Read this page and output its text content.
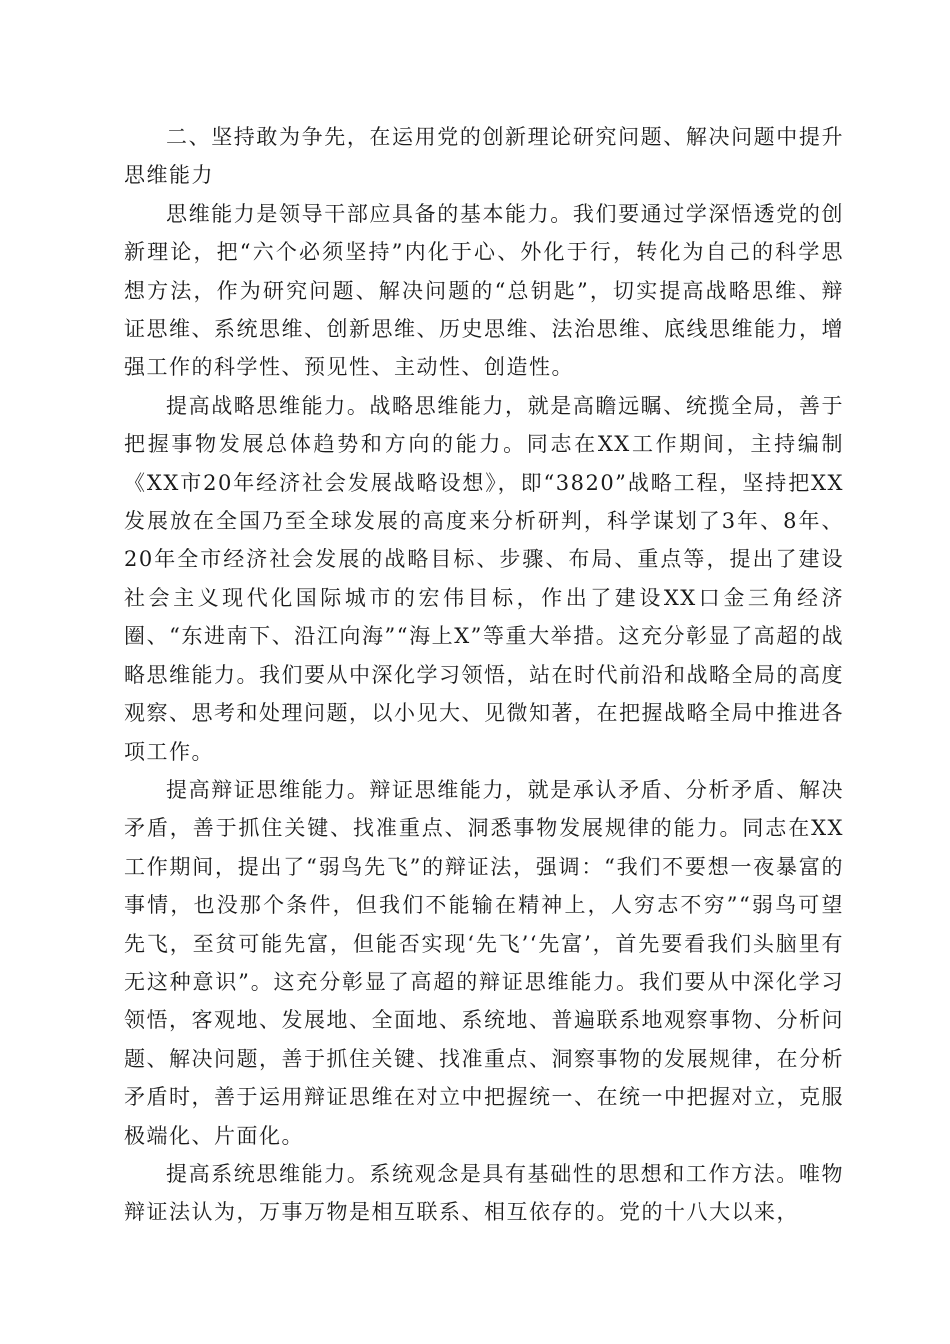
二、坚持敢为争先，在运用党的创新理论研究问题、解决问题中提升思维能力

思维能力是领导干部应具备的基本能力。我们要通过学深悟透党的创新理论，把“六个必须坚持”内化于心、外化于行，转化为自己的科学思想方法，作为研究问题、解决问题的“总钥匙”，切实提高战略思维、辩证思维、系统思维、创新思维、历史思维、法治思维、底线思维能力，增强工作的科学性、预见性、主动性、创造性。

提高战略思维能力。战略思维能力，就是高瞻远瞩、统揽全局，善于把握事物发展总体趋势和方向的能力。同志在XX工作期间，主持编制《XX市20年经济社会发展战略设想》，即“3820”战略工程，坚持把XX发展放在全国乃至全球发展的高度来分析研判，科学谋划了3年、8年、20年全市经济社会发展的战略目标、步骤、布局、重点等，提出了建设社会主义现代化国际城市的宏伟目标，作出了建设XX口金三角经济圈、“东进南下、沿江向海”“海上X”等重大举措。这充分彰显了高超的战略思维能力。我们要从中深化学习领悟，站在时代前沿和战略全局的高度观察、思考和处理问题，以小见大、见微知著，在把握战略全局中推进各项工作。

提高辩证思维能力。辩证思维能力，就是承认矛盾、分析矛盾、解决矛盾，善于抓住关键、找准重点、洞悉事物发展规律的能力。同志在XX工作期间，提出了“弱鸟先飞”的辩证法，强调：“我们不要想一夜暴富的事情，也没那个条件，但我们不能输在精神上，人穷志不穷”“弱鸟可望先飞，至贫可能先富，但能否实现‘先飞’‘先富’，首先要看我们头脑里有无这种意识”。这充分彰显了高超的辩证思维能力。我们要从中深化学习领悟，客观地、发展地、全面地、系统地、普遍联系地观察事物、分析问题、解决问题，善于抓住关键、找准重点、洞察事物的发展规律，在分析矛盾时，善于运用辩证思维在对立中把握统一、在统一中把握对立，克服极端化、片面化。

提高系统思维能力。系统观念是具有基础性的思想和工作方法。唯物辩证法认为，万事万物是相互联系、相互依存的。党的十八大以来，
